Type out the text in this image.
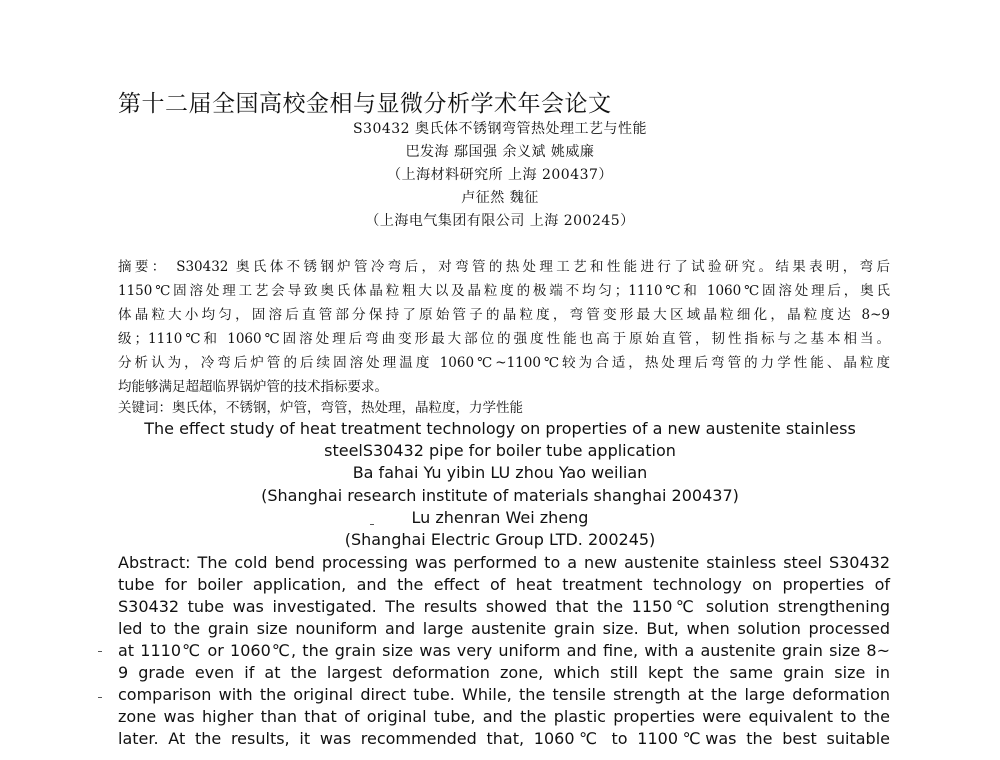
第十二届全国高校金相与显微分析学术年会论文
S30432 奥氏体不锈钢弯管热处理工艺与性能
巴发海 鄢国强 余义斌 姚威廉
（上海材料研究所 上海 200437）
卢征然 魏征
（上海电气集团有限公司 上海 200245）
摘要： S30432 奥氏体不锈钢炉管冷弯后，对弯管的热处理工艺和性能进行了试验研究。结果表明，弯后
1150℃固溶处理工艺会导致奥氏体晶粒粗大以及晶粒度的极端不均匀；1110℃和 1060℃固溶处理后，奥氏
体晶粒大小均匀，固溶后直管部分保持了原始管子的晶粒度，弯管变形最大区域晶粒细化，晶粒度达 8~9
级；1110℃和 1060℃固溶处理后弯曲变形最大部位的强度性能也高于原始直管，韧性指标与之基本相当。
分析认为，冷弯后炉管的后续固溶处理温度 1060℃~1100℃较为合适，热处理后弯管的力学性能、晶粒度
均能够满足超超临界锅炉管的技术指标要求。
关键词：奥氏体，不锈钢，炉管，弯管，热处理，晶粒度，力学性能
The effect study of heat treatment technology on properties of a new austenite stainless
steelS30432 pipe for boiler tube application
Ba fahai Yu yibin LU zhou Yao weilian
(Shanghai research institute of materials shanghai 200437)
Lu zhenran Wei zheng
(Shanghai Electric Group LTD. 200245)
Abstract: The cold bend processing was performed to a new austenite stainless steel S30432
tube for boiler application, and the effect of heat treatment technology on properties of
S30432 tube was investigated. The results showed that the 1150℃ solution strengthening
led to the grain size nouniform and large austenite grain size. But, when solution processed
at 1110℃ or 1060℃, the grain size was very uniform and fine, with a austenite grain size 8~
9 grade even if at the largest deformation zone, which still kept the same grain size in
comparison with the original direct tube. While, the tensile strength at the large deformation
zone was higher than that of original tube, and the plastic properties were equivalent to the
later. At the results, it was recommended that, 1060℃ to 1100℃was the best suitable
